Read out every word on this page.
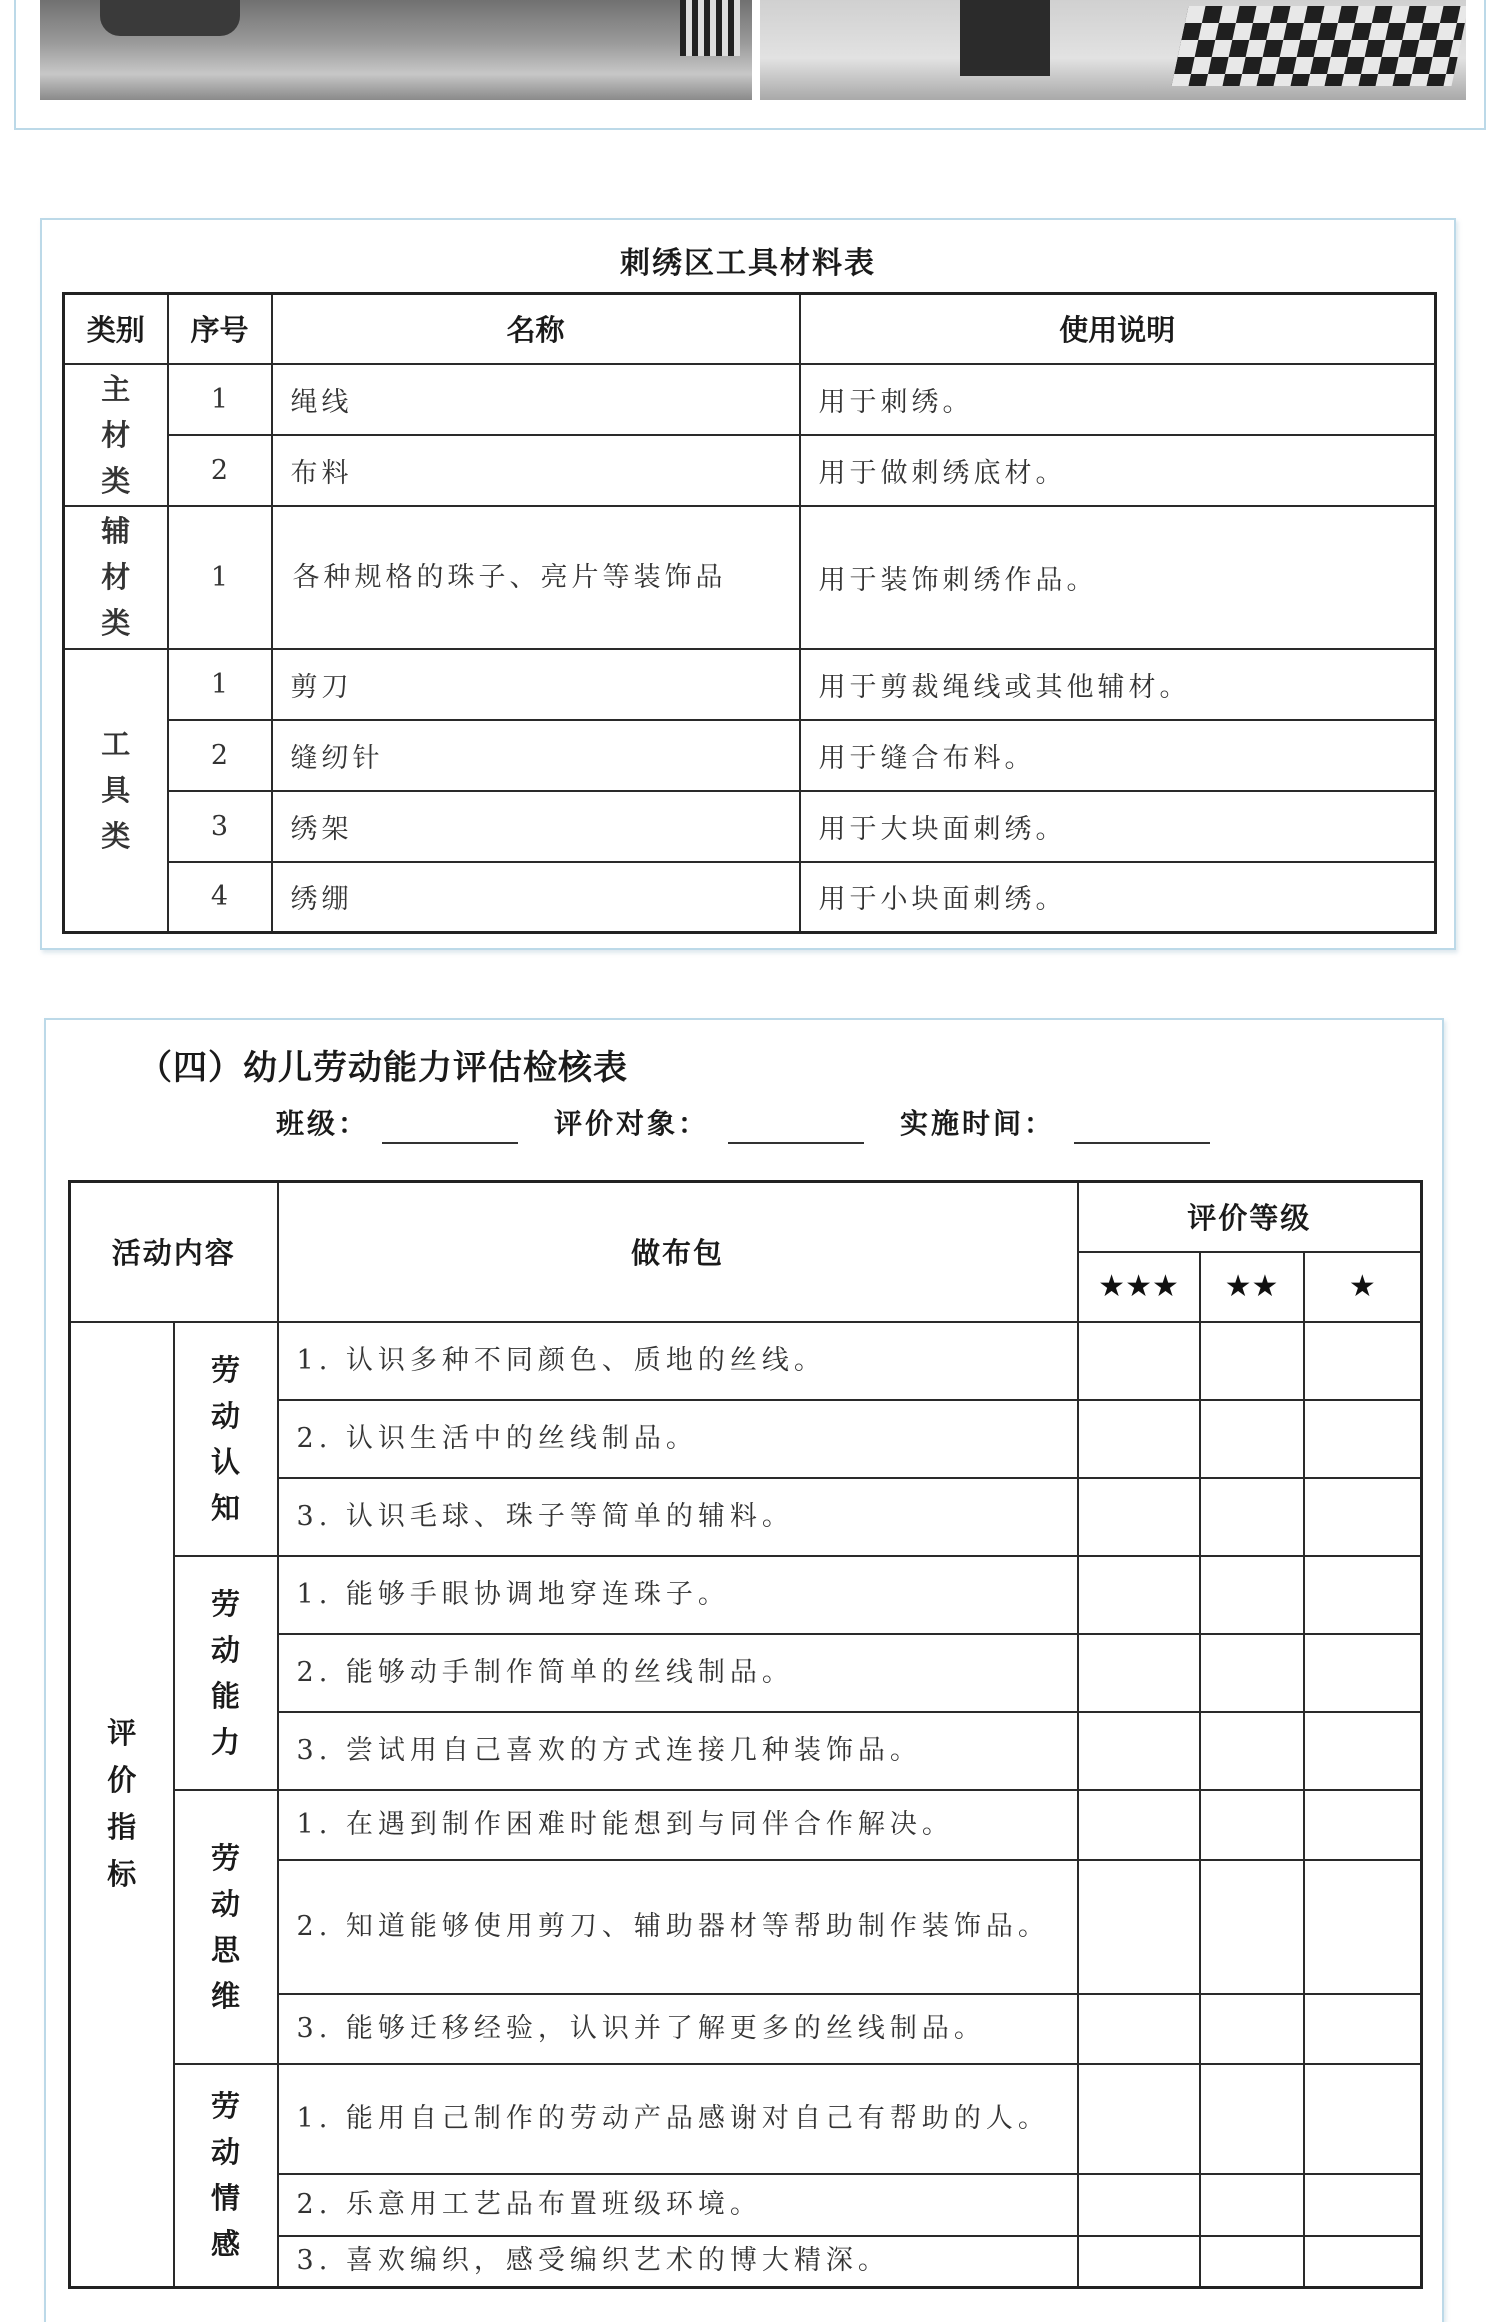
刺绣区工具材料表
类别	序号	名称	使用说明
主材类	1	绳线	用于刺绣。
	2	布料	用于做刺绣底材。
辅材类	1	各种规格的珠子、亮片等装饰品	用于装饰刺绣作品。
工具类	1	剪刀	用于剪裁绳线或其他辅材。
	2	缝纫针	用于缝合布料。
	3	绣架	用于大块面刺绣。
	4	绣绷	用于小块面刺绣。
（四）幼儿劳动能力评估检核表
班级：	评价对象：	实施时间：
活动内容		做布包	评价等级		
			★★★	★★	★
评价指标	劳动认知	1. 认识多种不同颜色、质地的丝线。			
		2. 认识生活中的丝线制品。			
		3. 认识毛球、珠子等简单的辅料。			
	劳动能力	1. 能够手眼协调地穿连珠子。			
		2. 能够动手制作简单的丝线制品。			
		3. 尝试用自己喜欢的方式连接几种装饰品。			
	劳动思维	1. 在遇到制作困难时能想到与同伴合作解决。			
		2. 知道能够使用剪刀、辅助器材等帮助制作装饰品。			
		3. 能够迁移经验，认识并了解更多的丝线制品。			
	劳动情感	1. 能用自己制作的劳动产品感谢对自己有帮助的人。			
		2. 乐意用工艺品布置班级环境。			
		3. 喜欢编织，感受编织艺术的博大精深。			
